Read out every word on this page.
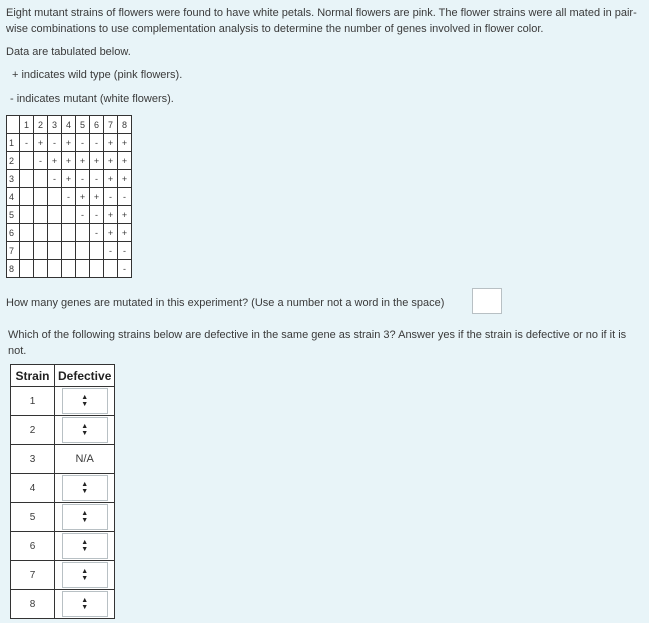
Eight mutant strains of flowers were found to have white petals. Normal flowers are pink. The flower strains were all mated in pair-wise combinations to use complementation analysis to determine the number of genes involved in flower color.

Data are tabulated below.

+ indicates wild type (pink flowers).

- indicates mutant (white flowers).

	1	2	3	4	5	6	7	8
1	-	+	-	+	-	-	+	+
2		-	+	+	+	+	+	+
3			-	+	-	-	+	+
4				-	+	+	-	-
5					-	-	+	+
6						-	+	+
7							-	-
8								-

How many genes are mutated in this experiment? (Use a number not a word in the space)

Which of the following strains below are defective in the same gene as strain 3? Answer yes if the strain is defective or no if it is not.

Strain	Defective
1	▲
▼

2	▲
▼

3	N/A
4	▲
▼

5	▲
▼

6	▲
▼

7	▲
▼

8	▲
▼
